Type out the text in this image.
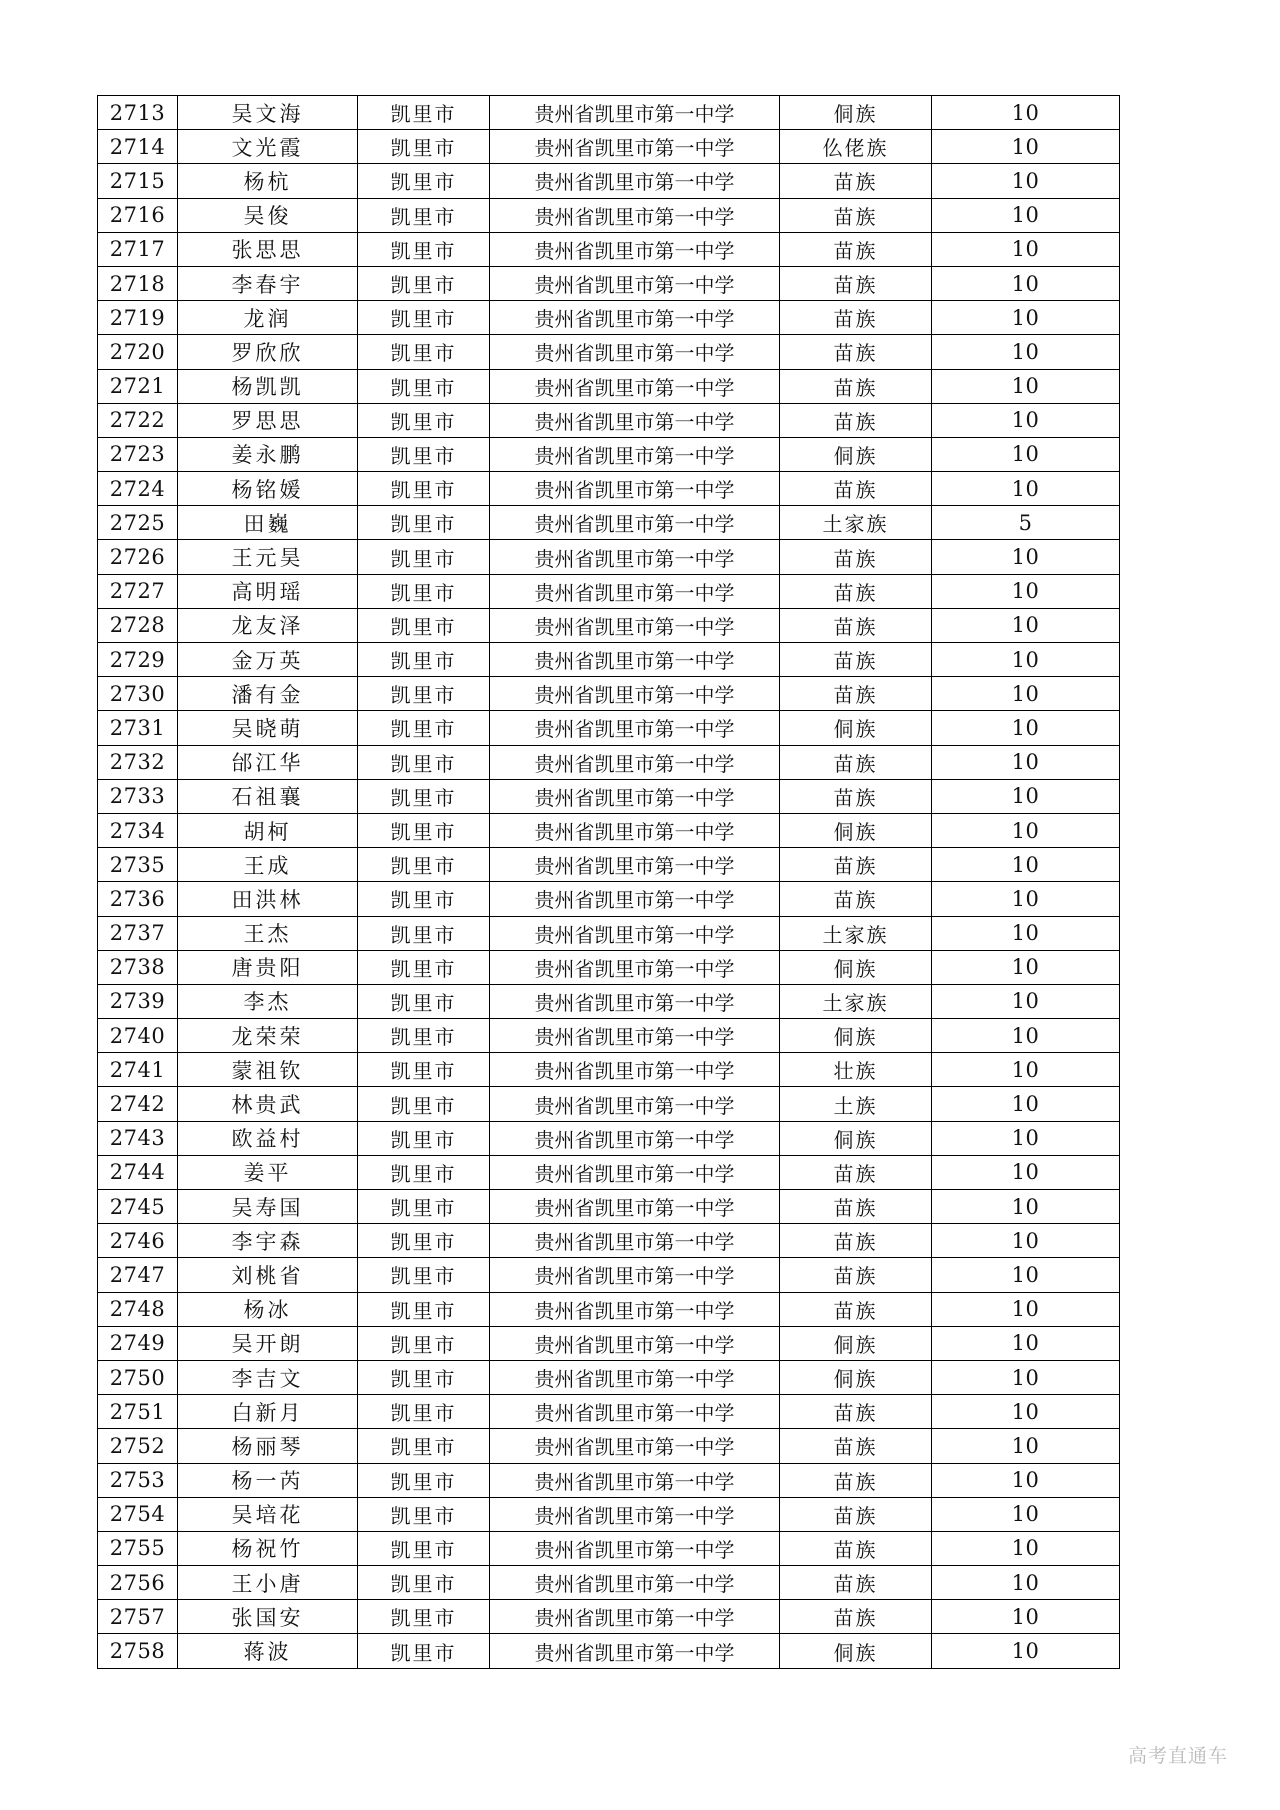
2713	吴文海	凯里市	贵州省凯里市第一中学	侗族	10
2714	文光霞	凯里市	贵州省凯里市第一中学	仫佬族	10
2715	杨杭	凯里市	贵州省凯里市第一中学	苗族	10
2716	吴俊	凯里市	贵州省凯里市第一中学	苗族	10
2717	张思思	凯里市	贵州省凯里市第一中学	苗族	10
2718	李春宇	凯里市	贵州省凯里市第一中学	苗族	10
2719	龙润	凯里市	贵州省凯里市第一中学	苗族	10
2720	罗欣欣	凯里市	贵州省凯里市第一中学	苗族	10
2721	杨凯凯	凯里市	贵州省凯里市第一中学	苗族	10
2722	罗思思	凯里市	贵州省凯里市第一中学	苗族	10
2723	姜永鹏	凯里市	贵州省凯里市第一中学	侗族	10
2724	杨铭媛	凯里市	贵州省凯里市第一中学	苗族	10
2725	田巍	凯里市	贵州省凯里市第一中学	土家族	5
2726	王元昊	凯里市	贵州省凯里市第一中学	苗族	10
2727	高明瑶	凯里市	贵州省凯里市第一中学	苗族	10
2728	龙友泽	凯里市	贵州省凯里市第一中学	苗族	10
2729	金万英	凯里市	贵州省凯里市第一中学	苗族	10
2730	潘有金	凯里市	贵州省凯里市第一中学	苗族	10
2731	吴晓萌	凯里市	贵州省凯里市第一中学	侗族	10
2732	邰江华	凯里市	贵州省凯里市第一中学	苗族	10
2733	石祖襄	凯里市	贵州省凯里市第一中学	苗族	10
2734	胡柯	凯里市	贵州省凯里市第一中学	侗族	10
2735	王成	凯里市	贵州省凯里市第一中学	苗族	10
2736	田洪林	凯里市	贵州省凯里市第一中学	苗族	10
2737	王杰	凯里市	贵州省凯里市第一中学	土家族	10
2738	唐贵阳	凯里市	贵州省凯里市第一中学	侗族	10
2739	李杰	凯里市	贵州省凯里市第一中学	土家族	10
2740	龙荣荣	凯里市	贵州省凯里市第一中学	侗族	10
2741	蒙祖钦	凯里市	贵州省凯里市第一中学	壮族	10
2742	林贵武	凯里市	贵州省凯里市第一中学	土族	10
2743	欧益村	凯里市	贵州省凯里市第一中学	侗族	10
2744	姜平	凯里市	贵州省凯里市第一中学	苗族	10
2745	吴寿国	凯里市	贵州省凯里市第一中学	苗族	10
2746	李宇森	凯里市	贵州省凯里市第一中学	苗族	10
2747	刘桃省	凯里市	贵州省凯里市第一中学	苗族	10
2748	杨冰	凯里市	贵州省凯里市第一中学	苗族	10
2749	吴开朗	凯里市	贵州省凯里市第一中学	侗族	10
2750	李吉文	凯里市	贵州省凯里市第一中学	侗族	10
2751	白新月	凯里市	贵州省凯里市第一中学	苗族	10
2752	杨丽琴	凯里市	贵州省凯里市第一中学	苗族	10
2753	杨一芮	凯里市	贵州省凯里市第一中学	苗族	10
2754	吴培花	凯里市	贵州省凯里市第一中学	苗族	10
2755	杨祝竹	凯里市	贵州省凯里市第一中学	苗族	10
2756	王小唐	凯里市	贵州省凯里市第一中学	苗族	10
2757	张国安	凯里市	贵州省凯里市第一中学	苗族	10
2758	蒋波	凯里市	贵州省凯里市第一中学	侗族	10
高考直通车
